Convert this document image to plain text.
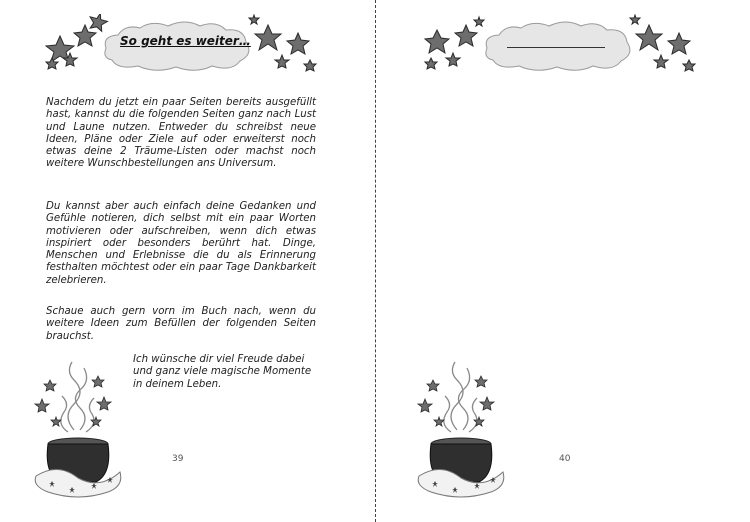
So geht es weiter…
Nachdem du jetzt ein paar Seiten bereits ausgefüllt hast, kannst du die folgenden Seiten ganz nach Lust und Laune nutzen. Entweder du schreibst neue Ideen, Pläne oder Ziele auf oder erweiterst noch etwas deine 2 Träume-Listen oder machst noch weitere Wunschbestellungen ans Universum.
Du kannst aber auch einfach deine Gedanken und Gefühle notieren, dich selbst mit ein paar Worten motivieren oder aufschreiben, wenn dich etwas inspiriert oder besonders berührt hat. Dinge, Menschen und Erlebnisse die du als Erinnerung festhalten möchtest oder ein paar Tage Dankbarkeit zelebrieren.
Schaue auch gern vorn im Buch nach, wenn du weitere Ideen zum Befüllen der folgenden Seiten brauchst.
Ich wünsche dir viel Freude dabei und ganz viele magische Momente in deinem Leben.
39	40
